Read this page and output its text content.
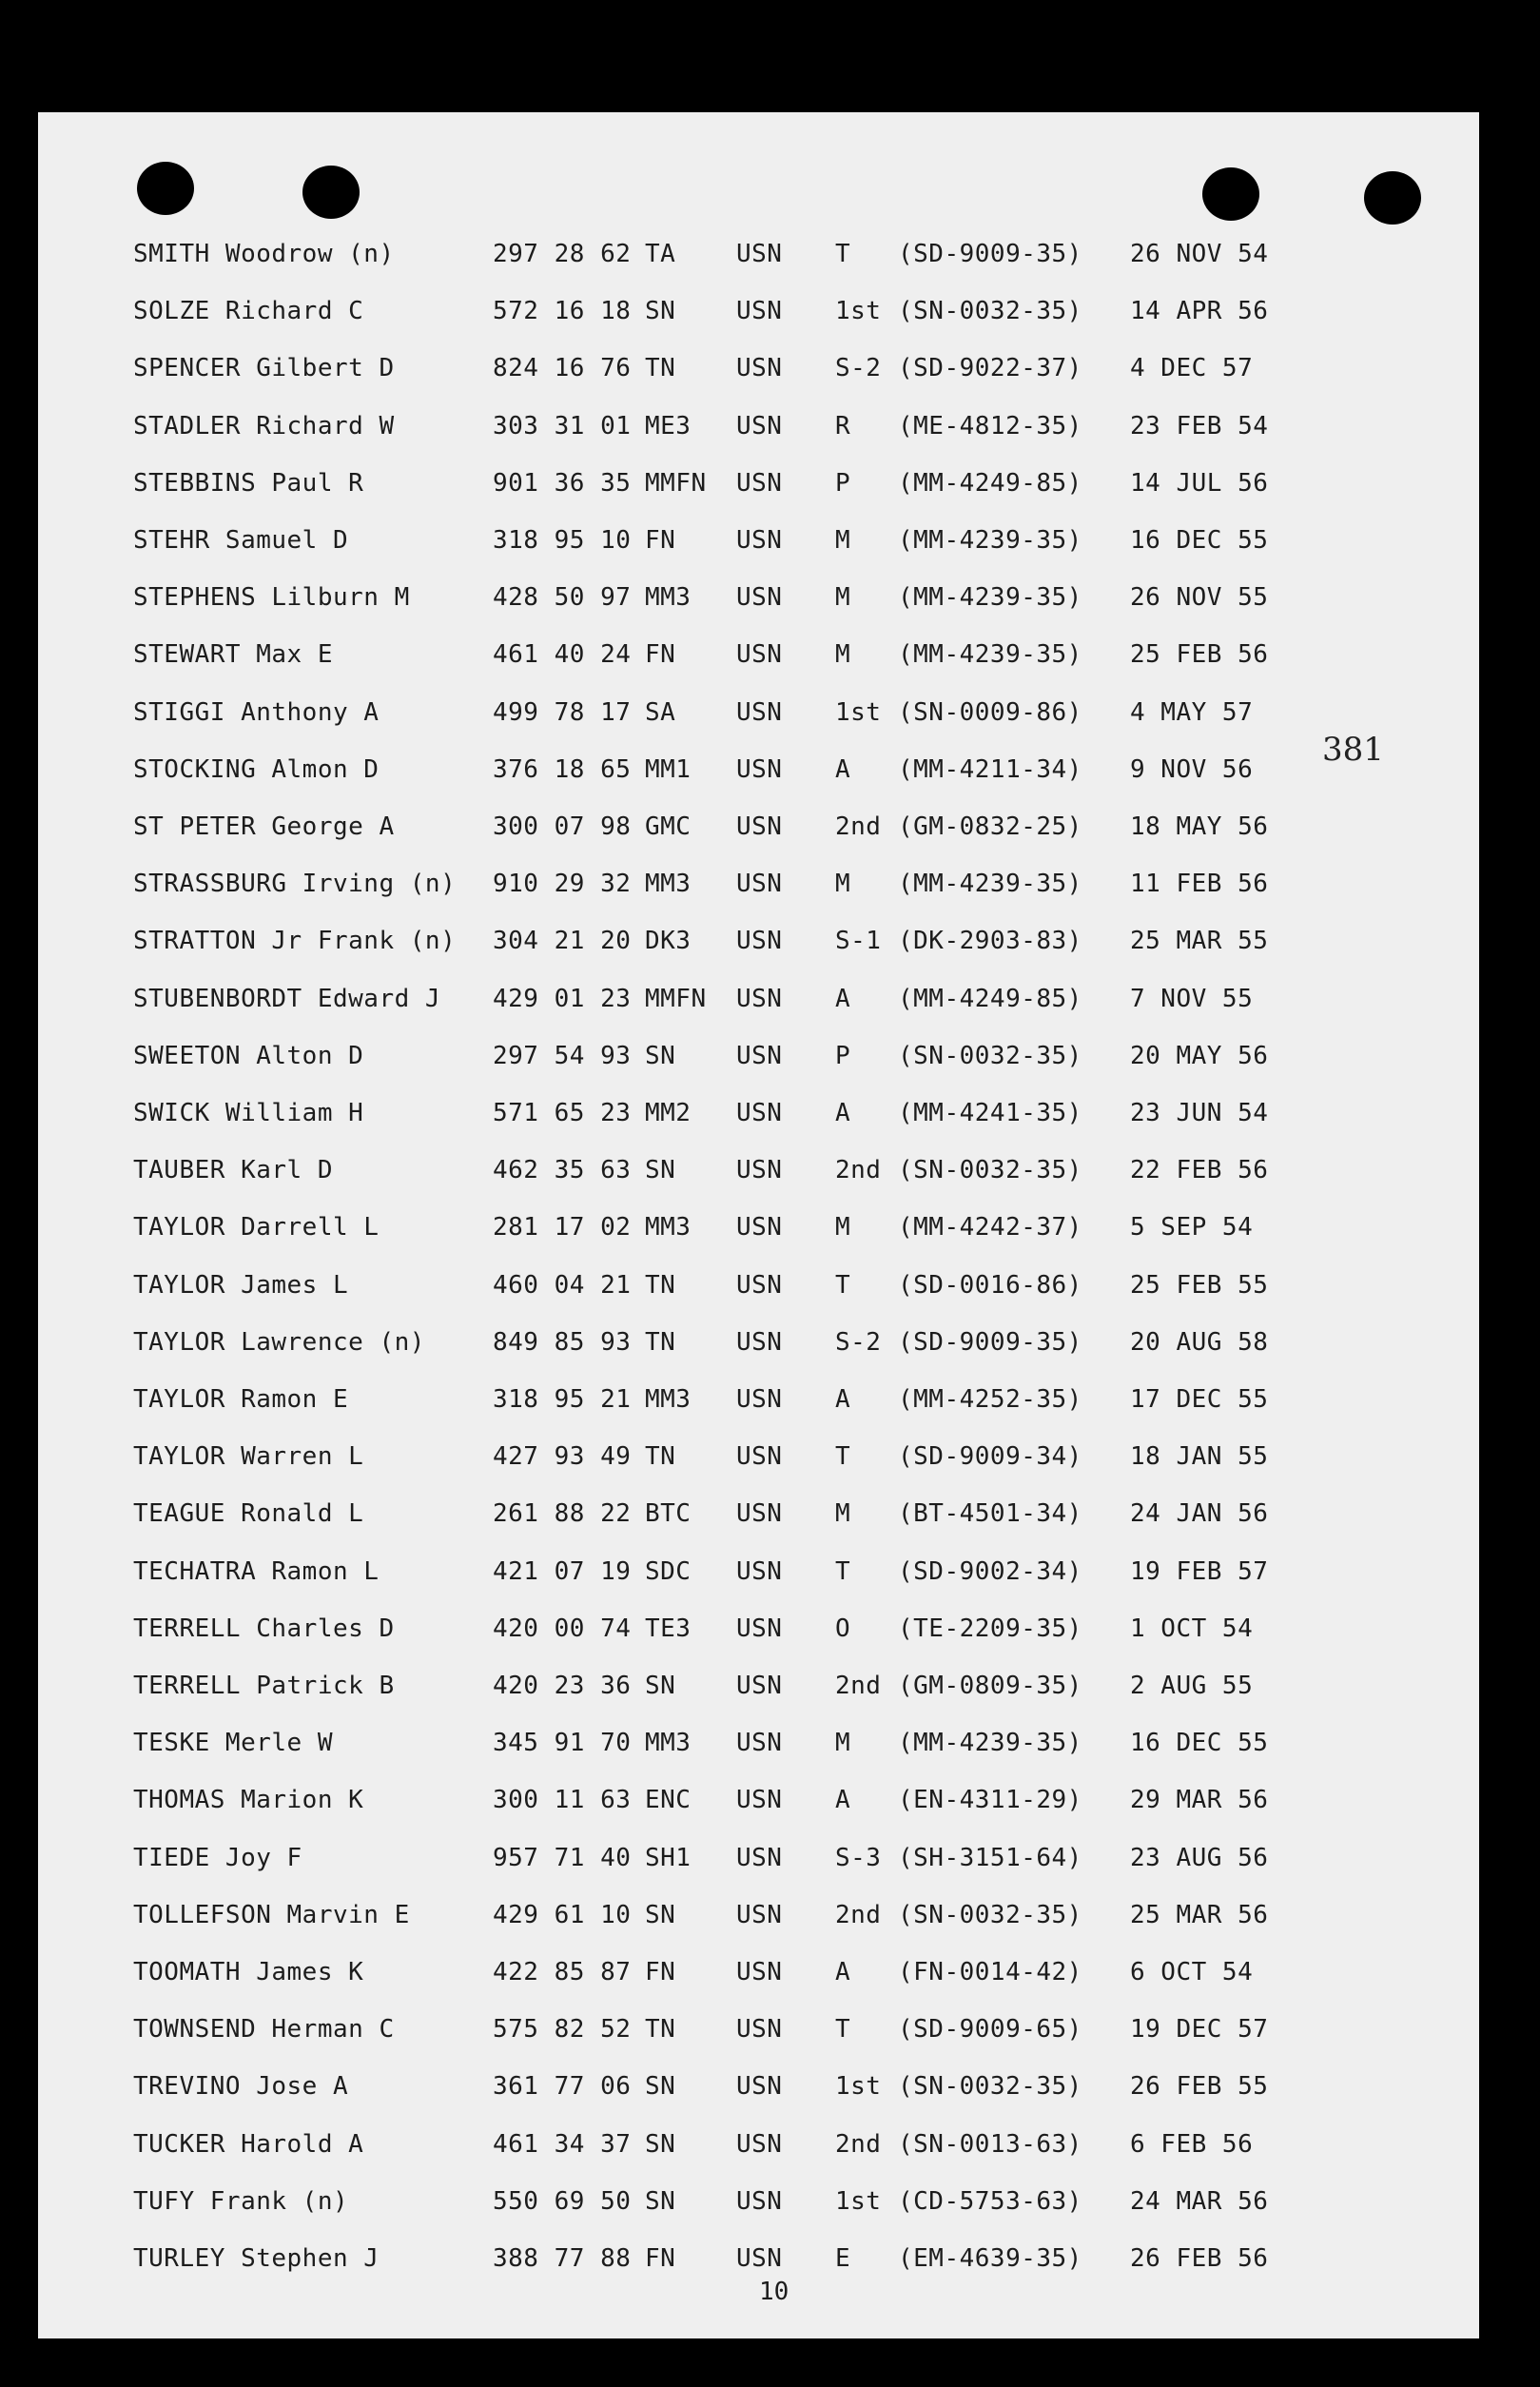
SMITH Woodrow (n)	297 28 62 TA USN T (SD-9009-35) 26 NOV 54
SOLZE Richard C	572 16 18 SN USN 1st (SN-0032-35) 14 APR 56
SPENCER Gilbert D	824 16 76 TN USN S-2 (SD-9022-37) 4 DEC 57
STADLER Richard W	303 31 01 ME3 USN R (ME-4812-35) 23 FEB 54
STEBBINS Paul R	901 36 35 MMFN USN P (MM-4249-85) 14 JUL 56
STEHR Samuel D	318 95 10 FN USN M (MM-4239-35) 16 DEC 55
STEPHENS Lilburn M	428 50 97 MM3 USN M (MM-4239-35) 26 NOV 55
STEWART Max E	461 40 24 FN USN M (MM-4239-35) 25 FEB 56
STIGGI Anthony A	499 78 17 SA USN 1st (SN-0009-86) 4 MAY 57
STOCKING Almon D	376 18 65 MM1 USN A (MM-4211-34) 9 NOV 56
ST PETER George A	300 07 98 GMC USN 2nd (GM-0832-25) 18 MAY 56
STRASSBURG Irving (n) 910 29 32 MM3 USN M (MM-4239-35) 11 FEB 56
STRATTON Jr Frank (n) 304 21 20 DK3 USN S-1 (DK-2903-83) 25 MAR 55
STUBENBORDT Edward J 429 01 23 MMFN USN A (MM-4249-85) 7 NOV 55
SWEETON Alton D	297 54 93 SN USN P (SN-0032-35) 20 MAY 56
SWICK William H	571 65 23 MM2 USN A (MM-4241-35) 23 JUN 54
TAUBER Karl D	462 35 63 SN USN 2nd (SN-0032-35) 22 FEB 56
TAYLOR Darrell L	281 17 02 MM3 USN M (MM-4242-37) 5 SEP 54
TAYLOR James L	460 04 21 TN USN T (SD-0016-86) 25 FEB 55
TAYLOR Lawrence (n)	849 85 93 TN USN S-2 (SD-9009-35) 20 AUG 58
TAYLOR Ramon E	318 95 21 MM3 USN A (MM-4252-35) 17 DEC 55
TAYLOR Warren L	427 93 49 TN USN T (SD-9009-34) 18 JAN 55
TEAGUE Ronald L	261 88 22 BTC USN M (BT-4501-34) 24 JAN 56
TECHATRA Ramon L	421 07 19 SDC USN T (SD-9002-34) 19 FEB 57
TERRELL Charles D	420 00 74 TE3 USN O (TE-2209-35) 1 OCT 54
TERRELL Patrick B	420 23 36 SN USN 2nd (GM-0809-35) 2 AUG 55
TESKE Merle W	345 91 70 MM3 USN M (MM-4239-35) 16 DEC 55
THOMAS Marion K	300 11 63 ENC USN A (EN-4311-29) 29 MAR 56
TIEDE Joy F	957 71 40 SH1 USN S-3 (SH-3151-64) 23 AUG 56
TOLLEFSON Marvin E	429 61 10 SN USN 2nd (SN-0032-35) 25 MAR 56
TOOMATH James K	422 85 87 FN USN A (FN-0014-42) 6 OCT 54
TOWNSEND Herman C	575 82 52 TN USN T (SD-9009-65) 19 DEC 57
TREVINO Jose A	361 77 06 SN USN 1st (SN-0032-35) 26 FEB 55
TUCKER Harold A	461 34 37 SN USN 2nd (SN-0013-63) 6 FEB 56
TUFY Frank (n)	550 69 50 SN USN 1st (CD-5753-63) 24 MAR 56
TURLEY Stephen J	388 77 88 FN USN E (EM-4639-35) 26 FEB 56
381
10
